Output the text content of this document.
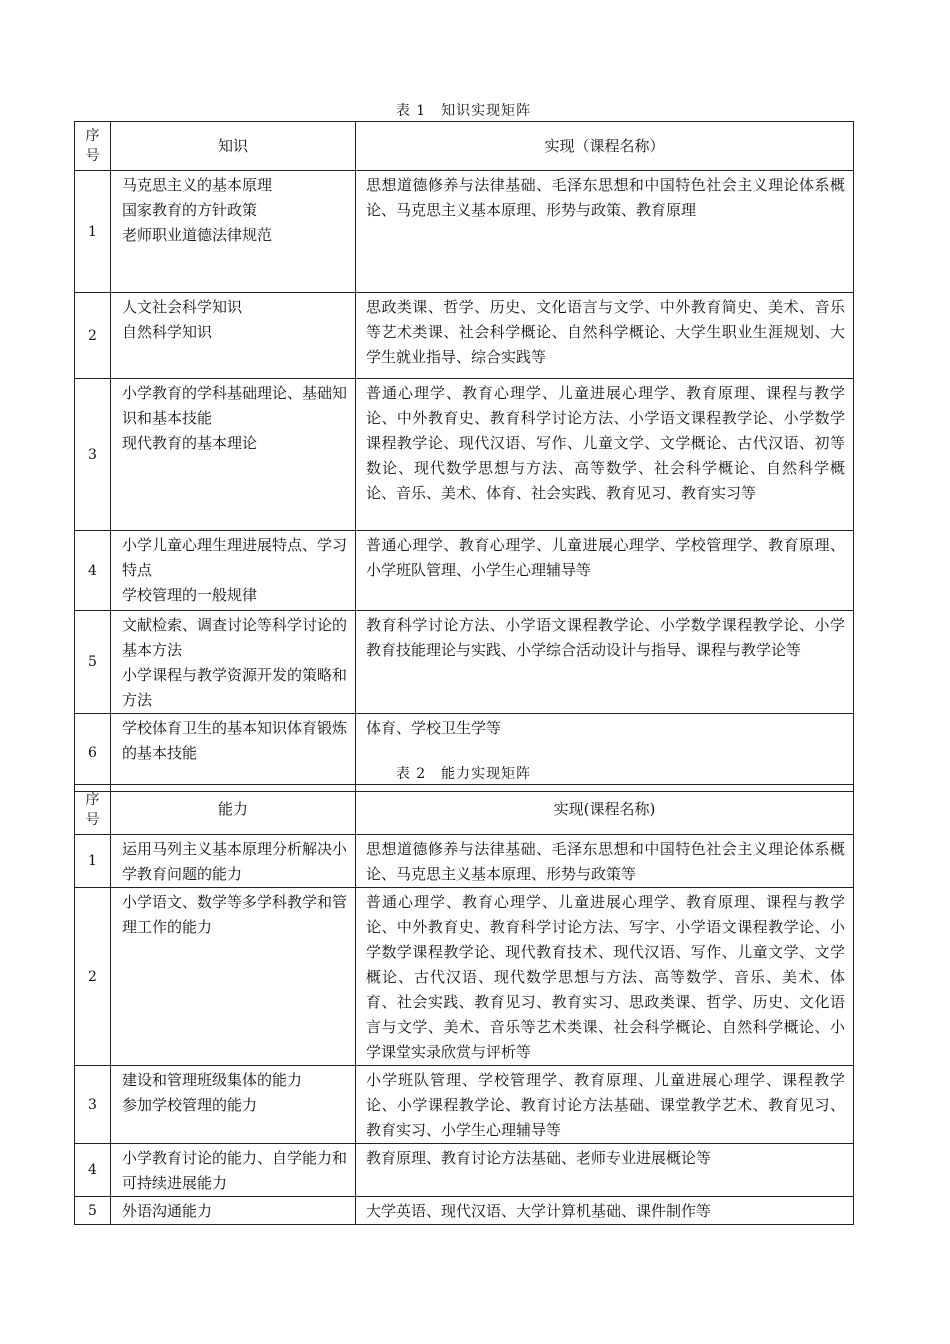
表 1　知识实现矩阵
序号	知识	实现（课程名称）
1	马克思主义的基本原理
国家教育的方针政策
老师职业道德法律规范	思想道德修养与法律基础、毛泽东思想和中国特色社会主义理论体系概论、马克思主义基本原理、形势与政策、教育原理
2	人文社会科学知识
自然科学知识	思政类课、哲学、历史、文化语言与文学、中外教育简史、美术、音乐等艺术类课、社会科学概论、自然科学概论、大学生职业生涯规划、大学生就业指导、综合实践等
3	小学教育的学科基础理论、基础知识和基本技能
现代教育的基本理论	普通心理学、教育心理学、儿童进展心理学、教育原理、课程与教学论、中外教育史、教育科学讨论方法、小学语文课程教学论、小学数学课程教学论、现代汉语、写作、儿童文学、文学概论、古代汉语、初等数论、现代数学思想与方法、高等数学、社会科学概论、自然科学概论、音乐、美术、体育、社会实践、教育见习、教育实习等
4	小学儿童心理生理进展特点、学习特点
学校管理的一般规律	普通心理学、教育心理学、儿童进展心理学、学校管理学、教育原理、小学班队管理、小学生心理辅导等
5	文献检索、调查讨论等科学讨论的基本方法
小学课程与教学资源开发的策略和方法	教育科学讨论方法、小学语文课程教学论、小学数学课程教学论、小学教育技能理论与实践、小学综合活动设计与指导、课程与教学论等
6	学校体育卫生的基本知识体育锻炼的基本技能	体育、学校卫生学等
表 2　能力实现矩阵
序号	能力	实现(课程名称)
1	运用马列主义基本原理分析解决小学教育问题的能力	思想道德修养与法律基础、毛泽东思想和中国特色社会主义理论体系概论、马克思主义基本原理、形势与政策等
2	小学语文、数学等多学科教学和管理工作的能力	普通心理学、教育心理学、儿童进展心理学、教育原理、课程与教学论、中外教育史、教育科学讨论方法、写字、小学语文课程教学论、小学数学课程教学论、现代教育技术、现代汉语、写作、儿童文学、文学概论、古代汉语、现代数学思想与方法、高等数学、音乐、美术、体育、社会实践、教育见习、教育实习、思政类课、哲学、历史、文化语言与文学、美术、音乐等艺术类课、社会科学概论、自然科学概论、小学课堂实录欣赏与评析等
3	建设和管理班级集体的能力
参加学校管理的能力	小学班队管理、学校管理学、教育原理、儿童进展心理学、课程教学论、小学课程教学论、教育讨论方法基础、课堂教学艺术、教育见习、教育实习、小学生心理辅导等
4	小学教育讨论的能力、自学能力和可持续进展能力	教育原理、教育讨论方法基础、老师专业进展概论等
5	外语沟通能力	大学英语、现代汉语、大学计算机基础、课件制作等
